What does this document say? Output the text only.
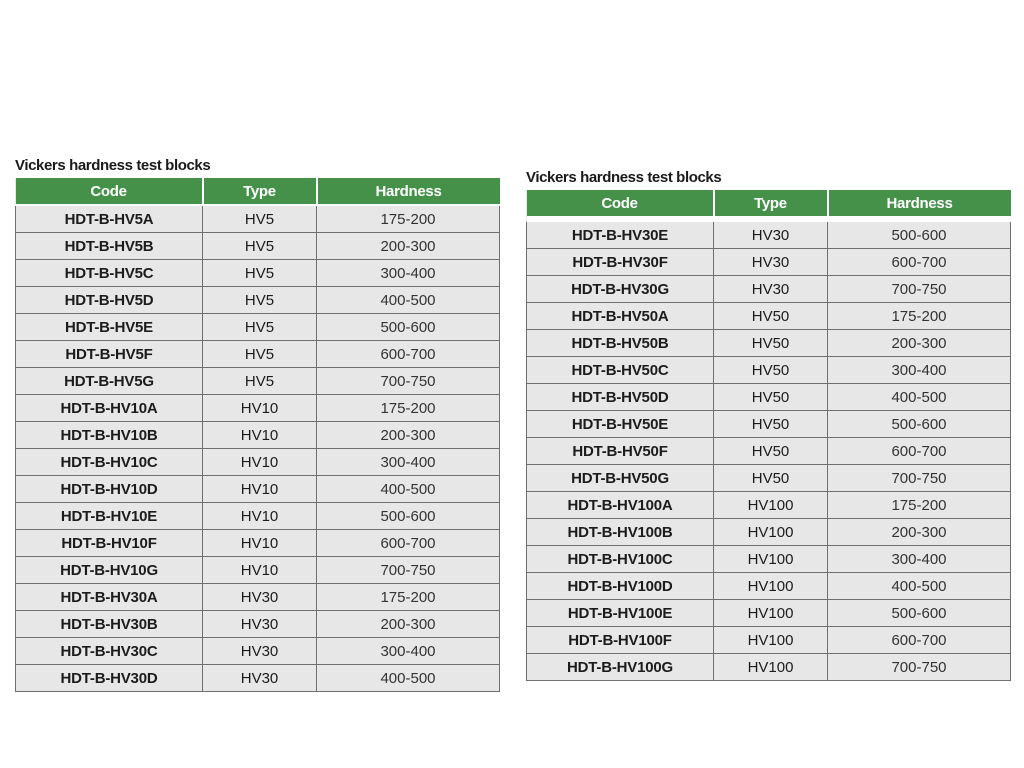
Vickers hardness test blocks
Code	Type	Hardness
HDT-B-HV5A	HV5	175-200
HDT-B-HV5B	HV5	200-300
HDT-B-HV5C	HV5	300-400
HDT-B-HV5D	HV5	400-500
HDT-B-HV5E	HV5	500-600
HDT-B-HV5F	HV5	600-700
HDT-B-HV5G	HV5	700-750
HDT-B-HV10A	HV10	175-200
HDT-B-HV10B	HV10	200-300
HDT-B-HV10C	HV10	300-400
HDT-B-HV10D	HV10	400-500
HDT-B-HV10E	HV10	500-600
HDT-B-HV10F	HV10	600-700
HDT-B-HV10G	HV10	700-750
HDT-B-HV30A	HV30	175-200
HDT-B-HV30B	HV30	200-300
HDT-B-HV30C	HV30	300-400
HDT-B-HV30D	HV30	400-500
Vickers hardness test blocks
Code	Type	Hardness

HDT-B-HV30E	HV30	500-600
HDT-B-HV30F	HV30	600-700
HDT-B-HV30G	HV30	700-750
HDT-B-HV50A	HV50	175-200
HDT-B-HV50B	HV50	200-300
HDT-B-HV50C	HV50	300-400
HDT-B-HV50D	HV50	400-500
HDT-B-HV50E	HV50	500-600
HDT-B-HV50F	HV50	600-700
HDT-B-HV50G	HV50	700-750
HDT-B-HV100A	HV100	175-200
HDT-B-HV100B	HV100	200-300
HDT-B-HV100C	HV100	300-400
HDT-B-HV100D	HV100	400-500
HDT-B-HV100E	HV100	500-600
HDT-B-HV100F	HV100	600-700
HDT-B-HV100G	HV100	700-750
